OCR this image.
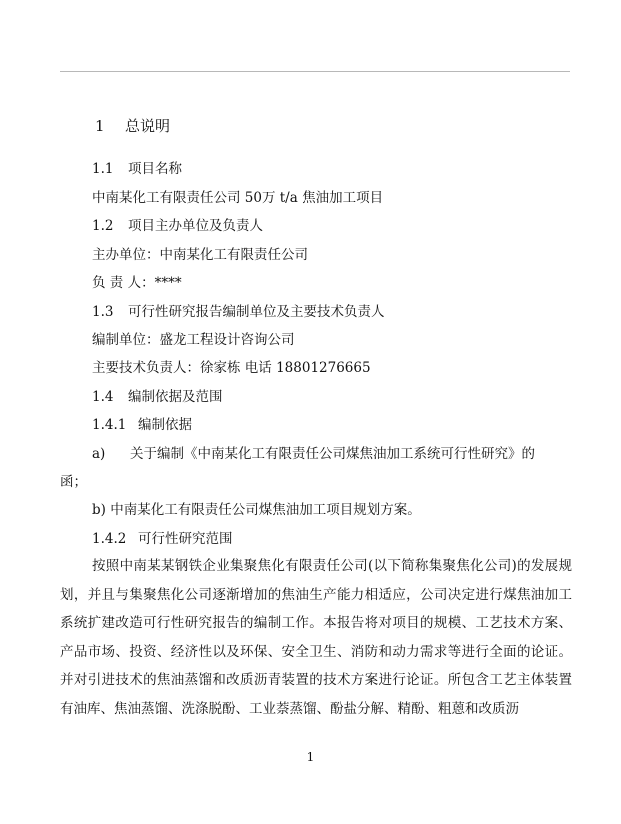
1 总说明
1.1 项目名称
中南某化工有限责任公司 50万 t/a 焦油加工项目
1.2 项目主办单位及负责人
主办单位：中南某化工有限责任公司
负 责 人：****
1.3 可行性研究报告编制单位及主要技术负责人
编制单位：盛龙工程设计咨询公司
主要技术负责人：徐家栋 电话 18801276665
1.4 编制依据及范围
1.4.1 编制依据
a) 关于编制《中南某化工有限责任公司煤焦油加工系统可行性研究》的
函；
b) 中南某化工有限责任公司煤焦油加工项目规划方案。
1.4.2 可行性研究范围

按照中南某某钢铁企业集聚焦化有限责任公司(以下简称集聚焦化公司)的发展规划，并且与集聚焦化公司逐渐增加的焦油生产能力相适应，公司决定进行煤焦油加工系统扩建改造可行性研究报告的编制工作。本报告将对项目的规模、工艺技术方案、产品市场、投资、经济性以及环保、安全卫生、消防和动力需求等进行全面的论证。并对引进技术的焦油蒸馏和改质沥青装置的技术方案进行论证。所包含工艺主体装置有油库、焦油蒸馏、洗涤脱酚、工业萘蒸馏、酚盐分解、精酚、粗蒽和改质沥

1
